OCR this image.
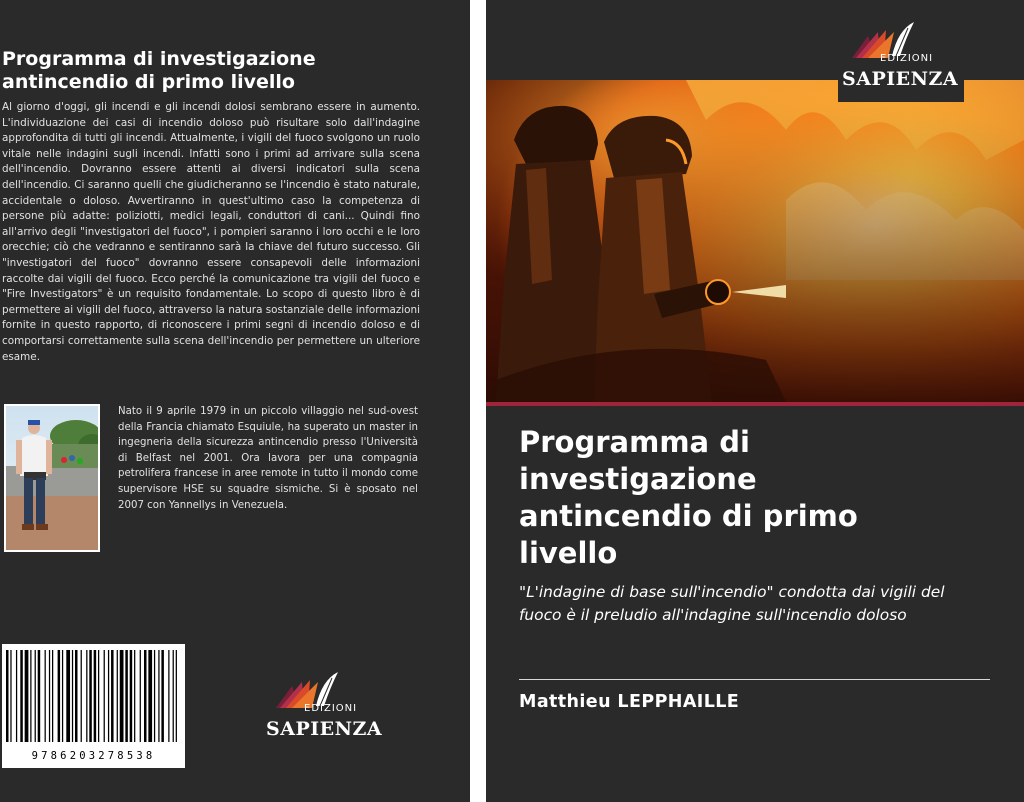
Programma di investigazione antincendio di primo livello

Al giorno d'oggi, gli incendi e gli incendi dolosi sembrano essere in aumento. L'individuazione dei casi di incendio doloso può risultare solo dall'indagine approfondita di tutti gli incendi. Attualmente, i vigili del fuoco svolgono un ruolo vitale nelle indagini sugli incendi. Infatti sono i primi ad arrivare sulla scena dell'incendio. Dovranno essere attenti ai diversi indicatori sulla scena dell'incendio. Ci saranno quelli che giudicheranno se l'incendio è stato naturale, accidentale o doloso. Avvertiranno in quest'ultimo caso la competenza di persone più adatte: poliziotti, medici legali, conduttori di cani... Quindi fino all'arrivo degli "investigatori del fuoco", i pompieri saranno i loro occhi e le loro orecchie; ciò che vedranno e sentiranno sarà la chiave del futuro successo. Gli "investigatori del fuoco" dovranno essere consapevoli delle informazioni raccolte dai vigili del fuoco. Ecco perché la comunicazione tra vigili del fuoco e "Fire Investigators" è un requisito fondamentale. Lo scopo di questo libro è di permettere ai vigili del fuoco, attraverso la natura sostanziale delle informazioni fornite in questo rapporto, di riconoscere i primi segni di incendio doloso e di comportarsi correttamente sulla scena dell'incendio per permettere un ulteriore esame.

Nato il 9 aprile 1979 in un piccolo villaggio nel sud-ovest della Francia chiamato Esquiule, ha superato un master in ingegneria della sicurezza antincendio presso l'Università di Belfast nel 2001. Ora lavora per una compagnia petrolifera francese in aree remote in tutto il mondo come supervisore HSE su squadre sismiche. Si è sposato nel 2007 con Yannellys in Venezuela.

9786203278538
EDIZIONI
SAPIENZA
EDIZIONI
SAPIENZA
Programma di investigazione antincendio di primo livello

"L'indagine di base sull'incendio" condotta dai vigili del fuoco è il preludio all'indagine sull'incendio doloso

Matthieu LEPPHAILLE
